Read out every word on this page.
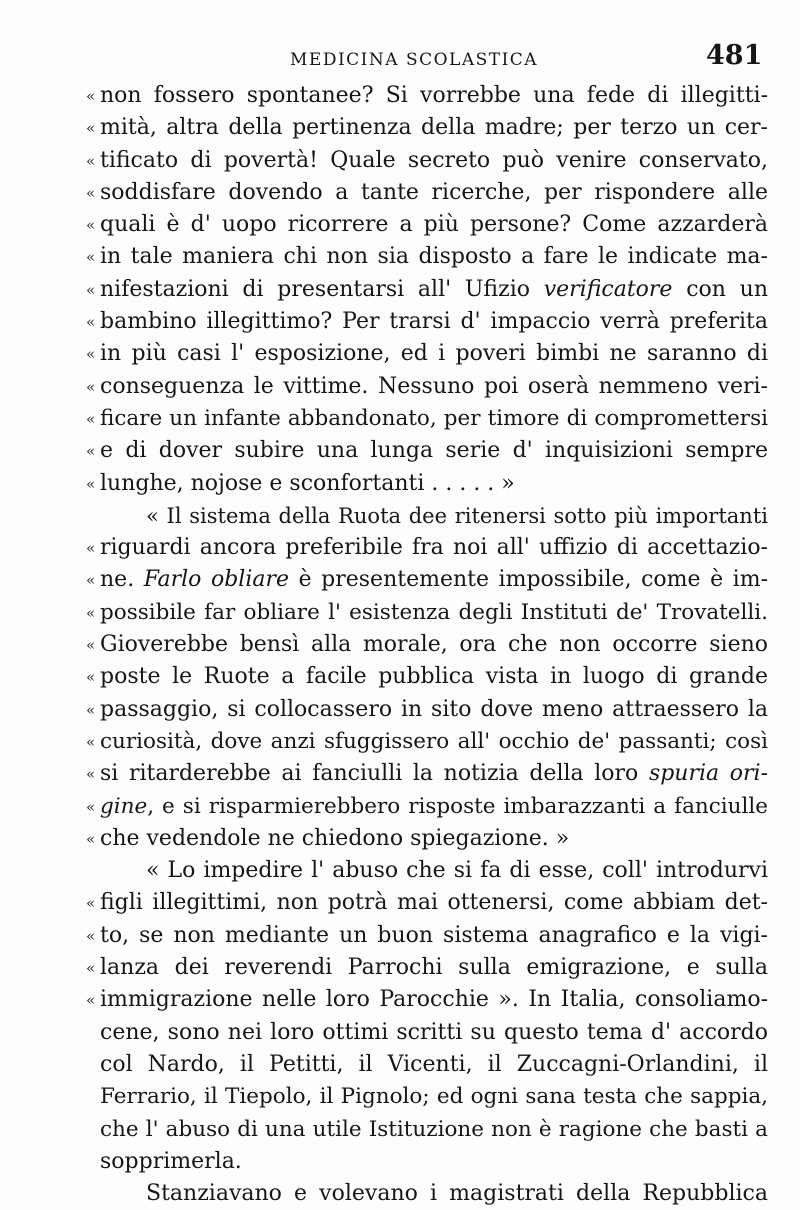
MEDICINA SCOLASTICA	481
« non fossero spontanee? Si vorrebbe una fede di illegitti-
« mità, altra della pertinenza della madre; per terzo un cer-
« tificato di povertà! Quale secreto può venire conservato,
« soddisfare dovendo a tante ricerche, per rispondere alle
« quali è d' uopo ricorrere a più persone? Come azzarderà
« in tale maniera chi non sia disposto a fare le indicate ma-
« nifestazioni di presentarsi all' Ufizio verificatore con un
« bambino illegittimo? Per trarsi d' impaccio verrà preferita
« in più casi l' esposizione, ed i poveri bimbi ne saranno di
« conseguenza le vittime. Nessuno poi oserà nemmeno veri-
« ficare un infante abbandonato, per timore di compromettersi
« e di dover subire una lunga serie d' inquisizioni sempre
« lunghe, nojose e sconfortanti . . . . . »
« Il sistema della Ruota dee ritenersi sotto più importanti
« riguardi ancora preferibile fra noi all' uffizio di accettazio-
« ne. Farlo obliare è presentemente impossibile, come è im-
« possibile far obliare l' esistenza degli Instituti de' Trovatelli.
« Gioverebbe bensì alla morale, ora che non occorre sieno
« poste le Ruote a facile pubblica vista in luogo di grande
« passaggio, si collocassero in sito dove meno attraessero la
« curiosità, dove anzi sfuggissero all' occhio de' passanti; così
« si ritarderebbe ai fanciulli la notizia della loro spuria ori-
« gine, e si risparmierebbero risposte imbarazzanti a fanciulle
« che vedendole ne chiedono spiegazione. »
« Lo impedire l' abuso che si fa di esse, coll' introdurvi
« figli illegittimi, non potrà mai ottenersi, come abbiam det-
« to, se non mediante un buon sistema anagrafico e la vigi-
« lanza dei reverendi Parrochi sulla emigrazione, e sulla
« immigrazione nelle loro Parocchie ». In Italia, consoliamo-
cene, sono nei loro ottimi scritti su questo tema d' accordo
col Nardo, il Petitti, il Vicenti, il Zuccagni-Orlandini, il
Ferrario, il Tiepolo, il Pignolo; ed ogni sana testa che sappia,
che l' abuso di una utile Istituzione non è ragione che basti a
sopprimerla.
Stanziavano e volevano i magistrati della Repubblica
